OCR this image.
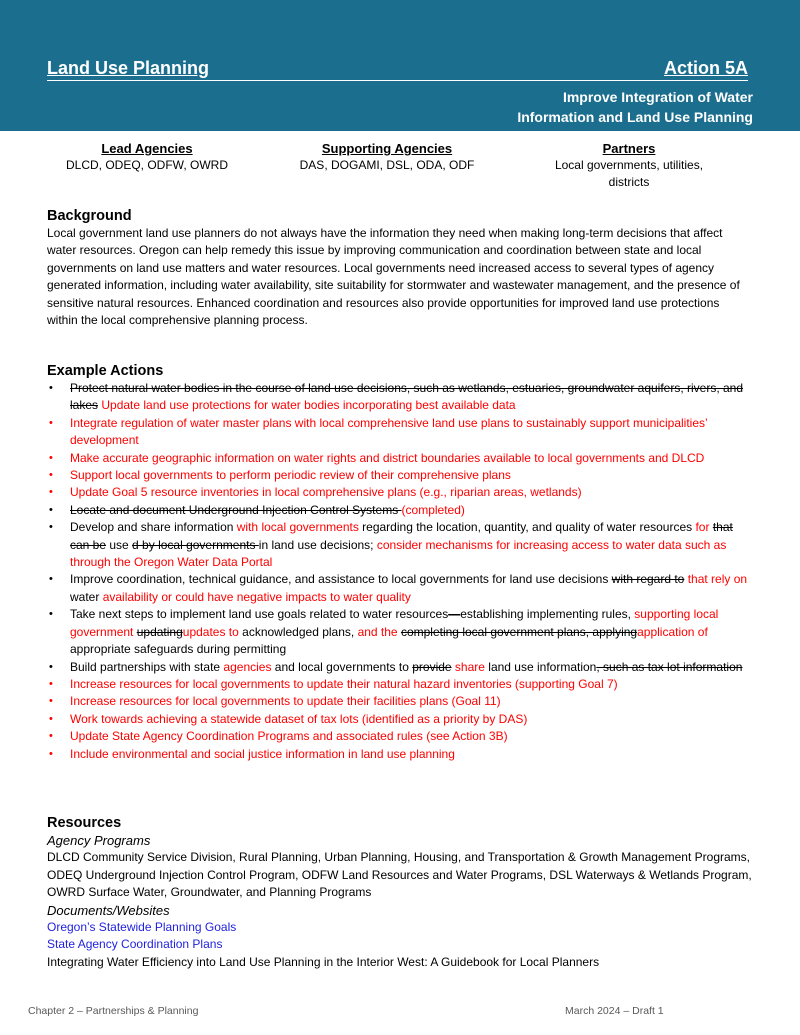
Land Use Planning	Action 5A
Improve Integration of Water
Information and Land Use Planning
Lead Agencies
DLCD, ODEQ, ODFW, OWRD
Supporting Agencies
DAS, DOGAMI, DSL, ODA, ODF
Partners
Local governments, utilities,
districts
Background

Local government land use planners do not always have the information they need when making long-term decisions that affect water resources. Oregon can help remedy this issue by improving communication and coordination between state and local governments on land use matters and water resources. Local governments need increased access to several types of agency generated information, including water availability, site suitability for stormwater and wastewater management, and the presence of sensitive natural resources. Enhanced coordination and resources also provide opportunities for improved land use protections within the local comprehensive planning process.

Example Actions
• Protect natural water bodies in the course of land use decisions, such as wetlands, estuaries, groundwater aquifers, rivers, and lakes Update land use protections for water bodies incorporating best available data
• Integrate regulation of water master plans with local comprehensive land use plans to sustainably support municipalities’ development
• Make accurate geographic information on water rights and district boundaries available to local governments and DLCD
• Support local governments to perform periodic review of their comprehensive plans
• Update Goal 5 resource inventories in local comprehensive plans (e.g., riparian areas, wetlands)
• Locate and document Underground Injection Control Systems (completed)
• Develop and share information with local governments regarding the location, quantity, and quality of water resources for that can be use d by local governments in land use decisions; consider mechanisms for increasing access to water data such as through the Oregon Water Data Portal
• Improve coordination, technical guidance, and assistance to local governments for land use decisions with regard to that rely on water availability or could have negative impacts to water quality
• Take next steps to implement land use goals related to water resources—establishing implementing rules, supporting local government updatingupdates to acknowledged plans, and the completing local government plans, applyingapplication of appropriate safeguards during permitting
• Build partnerships with state agencies and local governments to provide share land use information, such as tax lot information
• Increase resources for local governments to update their natural hazard inventories (supporting Goal 7)
• Increase resources for local governments to update their facilities plans (Goal 11)
• Work towards achieving a statewide dataset of tax lots (identified as a priority by DAS)
• Update State Agency Coordination Programs and associated rules (see Action 3B)
• Include environmental and social justice information in land use planning
Resources
Agency Programs
DLCD Community Service Division, Rural Planning, Urban Planning, Housing, and Transportation & Growth Management Programs, ODEQ Underground Injection Control Program, ODFW Land Resources and Water Programs, DSL Waterways & Wetlands Program, OWRD Surface Water, Groundwater, and Planning Programs
Documents/Websites
Oregon’s Statewide Planning Goals
State Agency Coordination Plans
Integrating Water Efficiency into Land Use Planning in the Interior West: A Guidebook for Local Planners
Chapter 2 – Partnerships & Planning	March 2024 – Draft 1
